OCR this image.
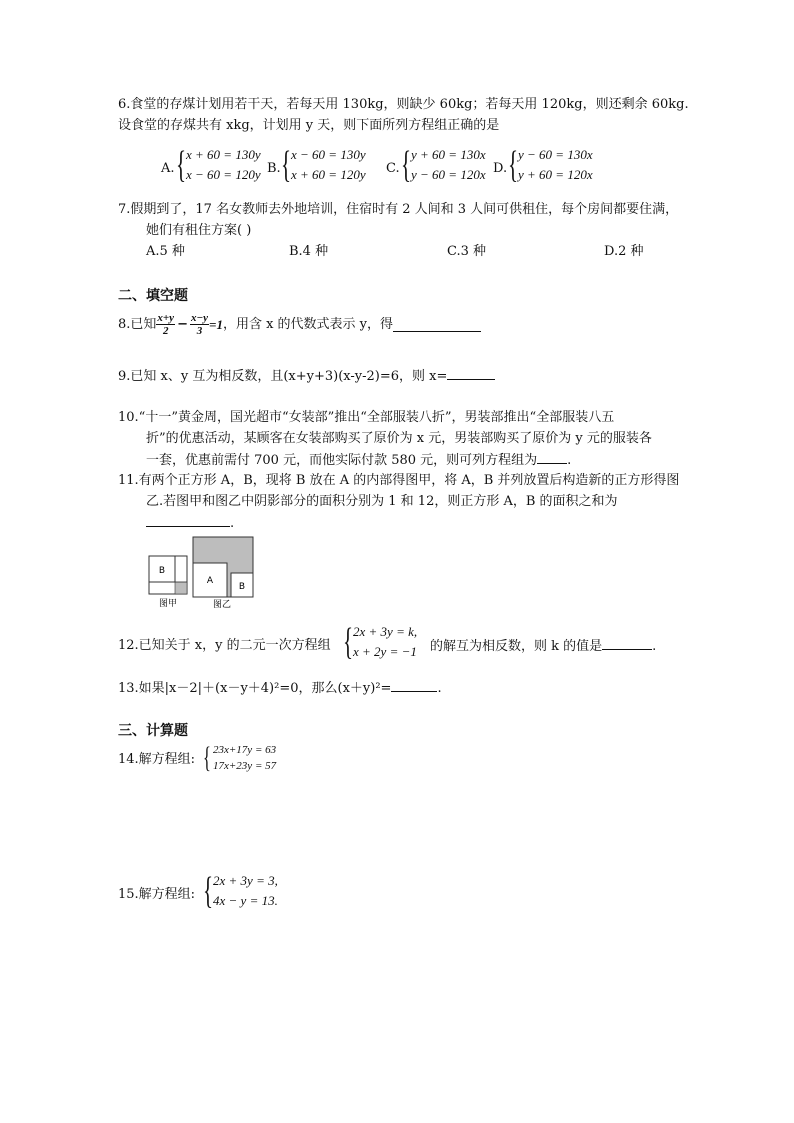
6.食堂的存煤计划用若干天，若每天用 130kg，则缺少 60kg；若每天用 120kg，则还剩余 60kg.
设食堂的存煤共有 xkg，计划用 y 天，则下面所列方程组正确的是
A. { x + 60 = 130y
x − 60 = 120y B. { x − 60 = 130y
x + 60 = 120y C. { y + 60 = 130x
y − 60 = 120x D. { y − 60 = 130x
y + 60 = 120x
7.假期到了，17 名女教师去外地培训，住宿时有 2 人间和 3 人间可供租住，每个房间都要住满，
她们有租住方案( )
A.5 种	B.4 种	C.3 种	D.2 种
二、填空题
8.已知 $\frac{x+y}{2} - \frac{x-y}{3} =1$ ，用含 x 的代数式表示 y，得
9.已知 x、y 互为相反数，且(x+y+3)(x-y-2)=6，则 x=
10.“十一”黄金周，国光超市“女装部”推出“全部服装八折”，男装部推出“全部服装八五
折”的优惠活动，某顾客在女装部购买了原价为 x 元，男装部购买了原价为 y 元的服装各
一套，优惠前需付 700 元，而他实际付款 580 元，则可列方程组为 .
11.有两个正方形 A，B，现将 B 放在 A 的内部得图甲，将 A，B 并列放置后构造新的正方形得图
乙.若图甲和图乙中阴影部分的面积分别为 1 和 12，则正方形 A，B 的面积之和为
.
B
图甲
A
B
图乙
12.已知关于 x，y 的二元一次方程组 { 2x + 3y = k,
x + 2y = −1 的解互为相反数，则 k 的值是	.
13.如果|x－2|＋(x－y＋4)²=0，那么(x＋y)²=	.
三、计算题
14.解方程组: { 23x+17y = 63
17x+23y = 57
15.解方程组: { 2x + 3y = 3,
4x − y = 13.
